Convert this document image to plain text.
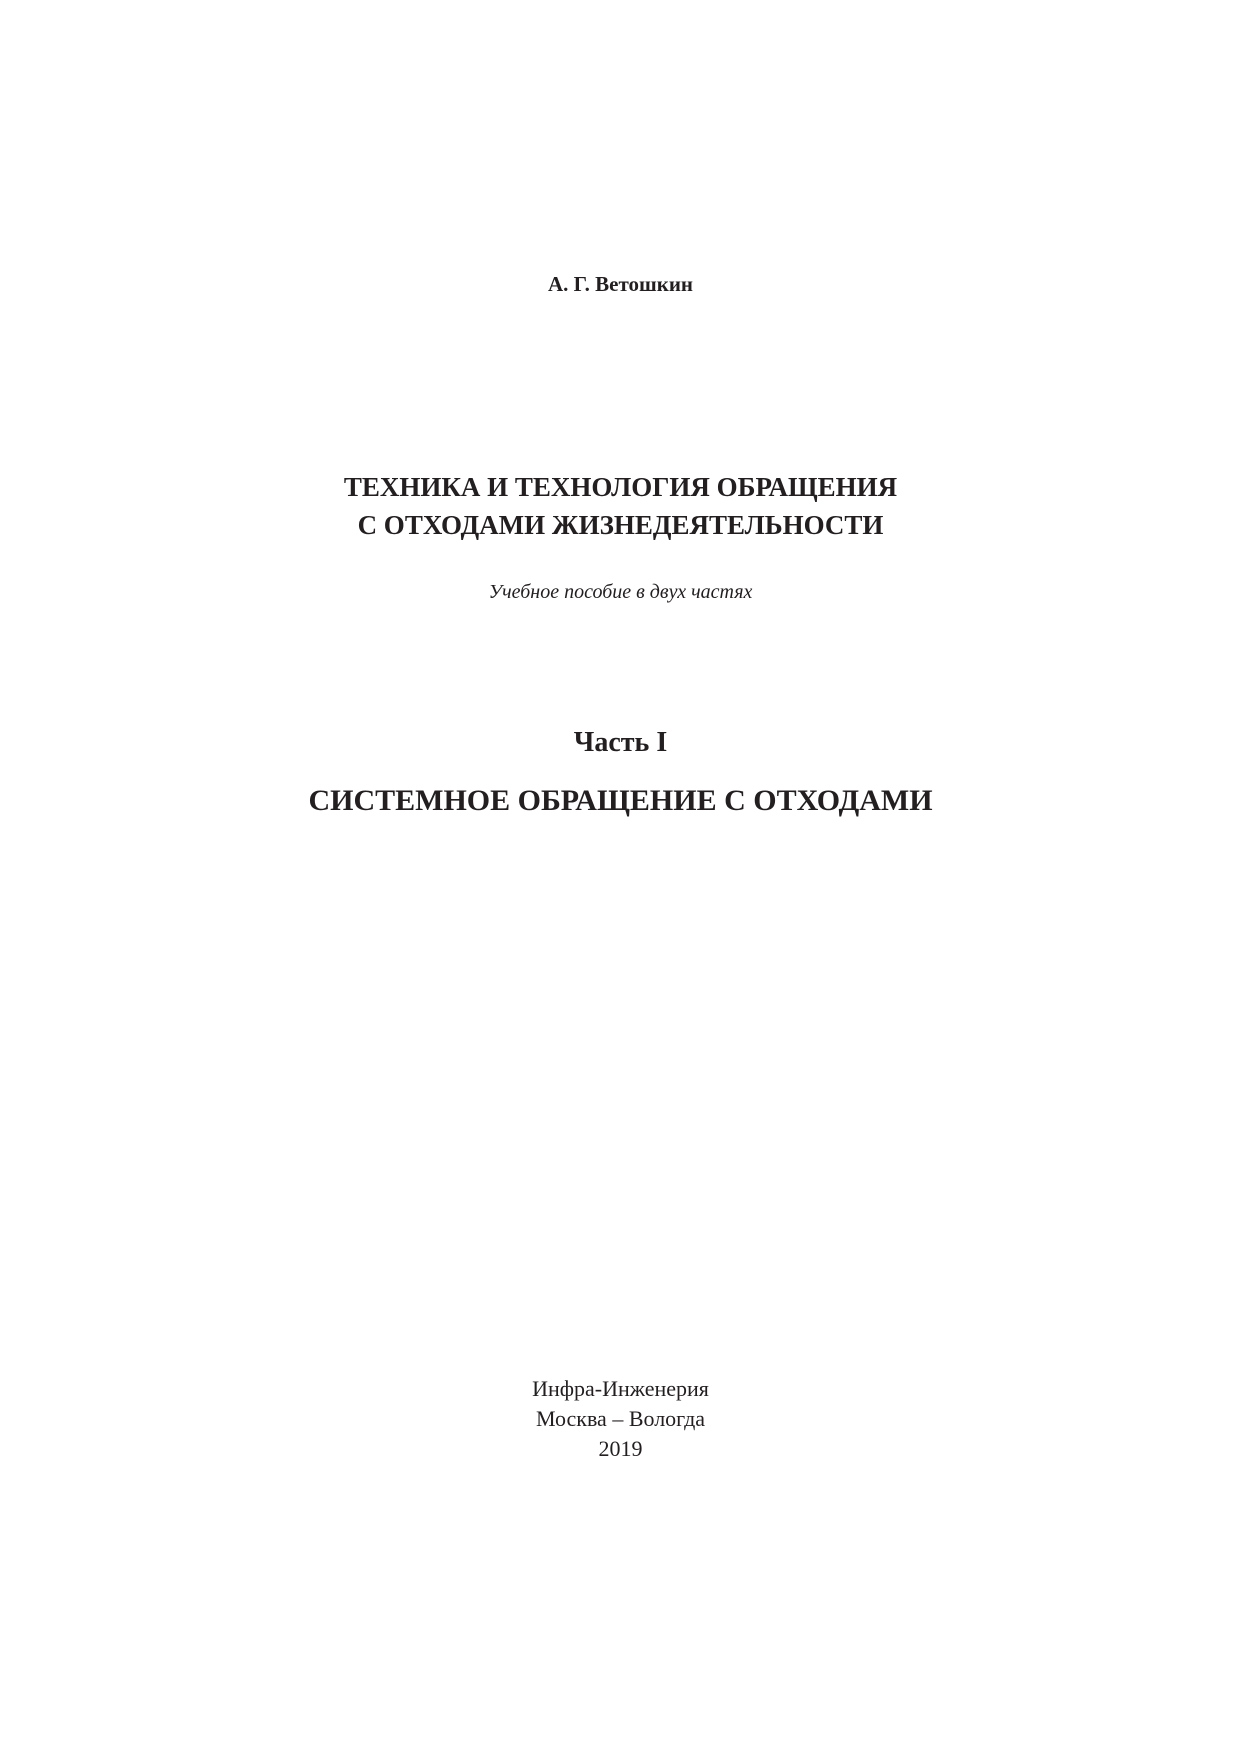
А. Г. Ветошкин
ТЕХНИКА И ТЕХНОЛОГИЯ ОБРАЩЕНИЯ
С ОТХОДАМИ ЖИЗНЕДЕЯТЕЛЬНОСТИ
Учебное пособие в двух частях
Часть I
СИСТЕМНОЕ ОБРАЩЕНИЕ С ОТХОДАМИ
Инфра-Инженерия
Москва – Вологда
2019
